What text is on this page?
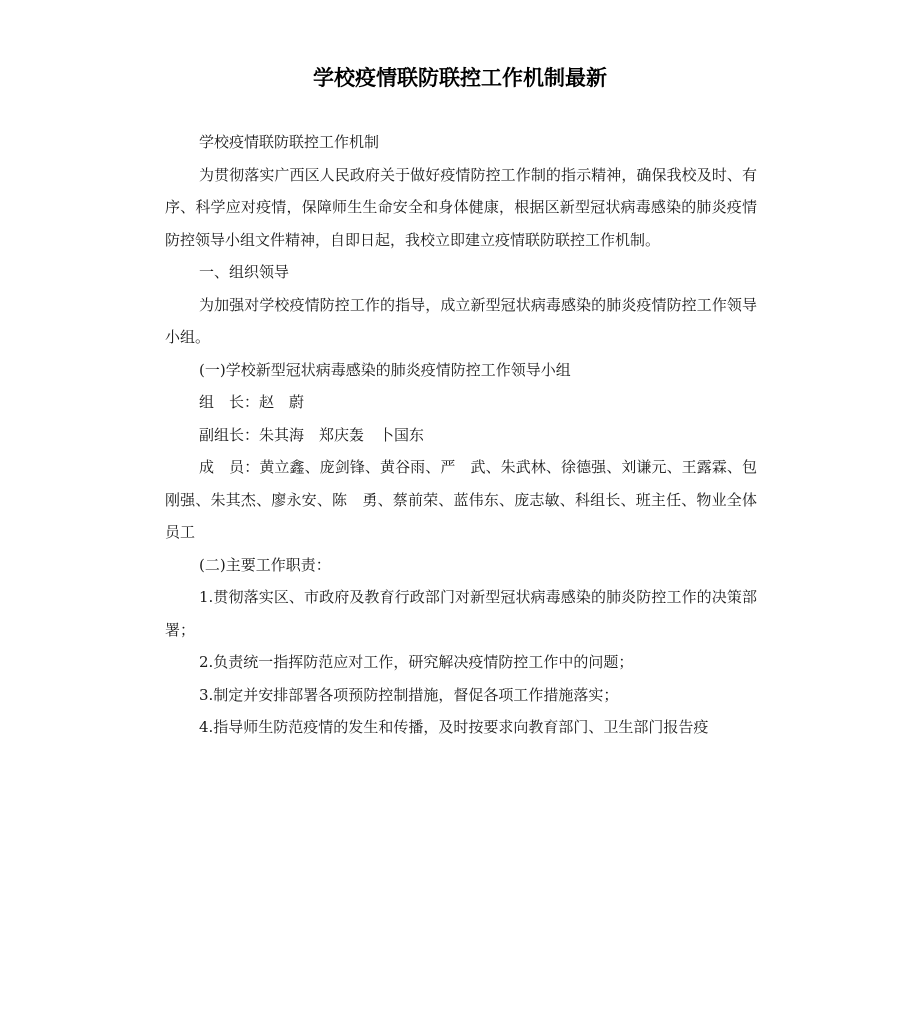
学校疫情联防联控工作机制最新

学校疫情联防联控工作机制

为贯彻落实广西区人民政府关于做好疫情防控工作制的指示精神，确保我校及时、有序、科学应对疫情，保障师生生命安全和身体健康，根据区新型冠状病毒感染的肺炎疫情防控领导小组文件精神，自即日起，我校立即建立疫情联防联控工作机制。

一、组织领导

为加强对学校疫情防控工作的指导，成立新型冠状病毒感染的肺炎疫情防控工作领导小组。

(一)学校新型冠状病毒感染的肺炎疫情防控工作领导小组

组　长：赵　蔚

副组长：朱其海　郑庆轰　卜国东

成　员：黄立鑫、庞剑锋、黄谷雨、严　武、朱武林、徐德强、刘谦元、王露霖、包刚强、朱其杰、廖永安、陈　勇、蔡前荣、蓝伟东、庞志敏、科组长、班主任、物业全体员工

(二)主要工作职责：

1.贯彻落实区、市政府及教育行政部门对新型冠状病毒感染的肺炎防控工作的决策部署；

2.负责统一指挥防范应对工作，研究解决疫情防控工作中的问题；

3.制定并安排部署各项预防控制措施，督促各项工作措施落实；

4.指导师生防范疫情的发生和传播，及时按要求向教育部门、卫生部门报告疫
